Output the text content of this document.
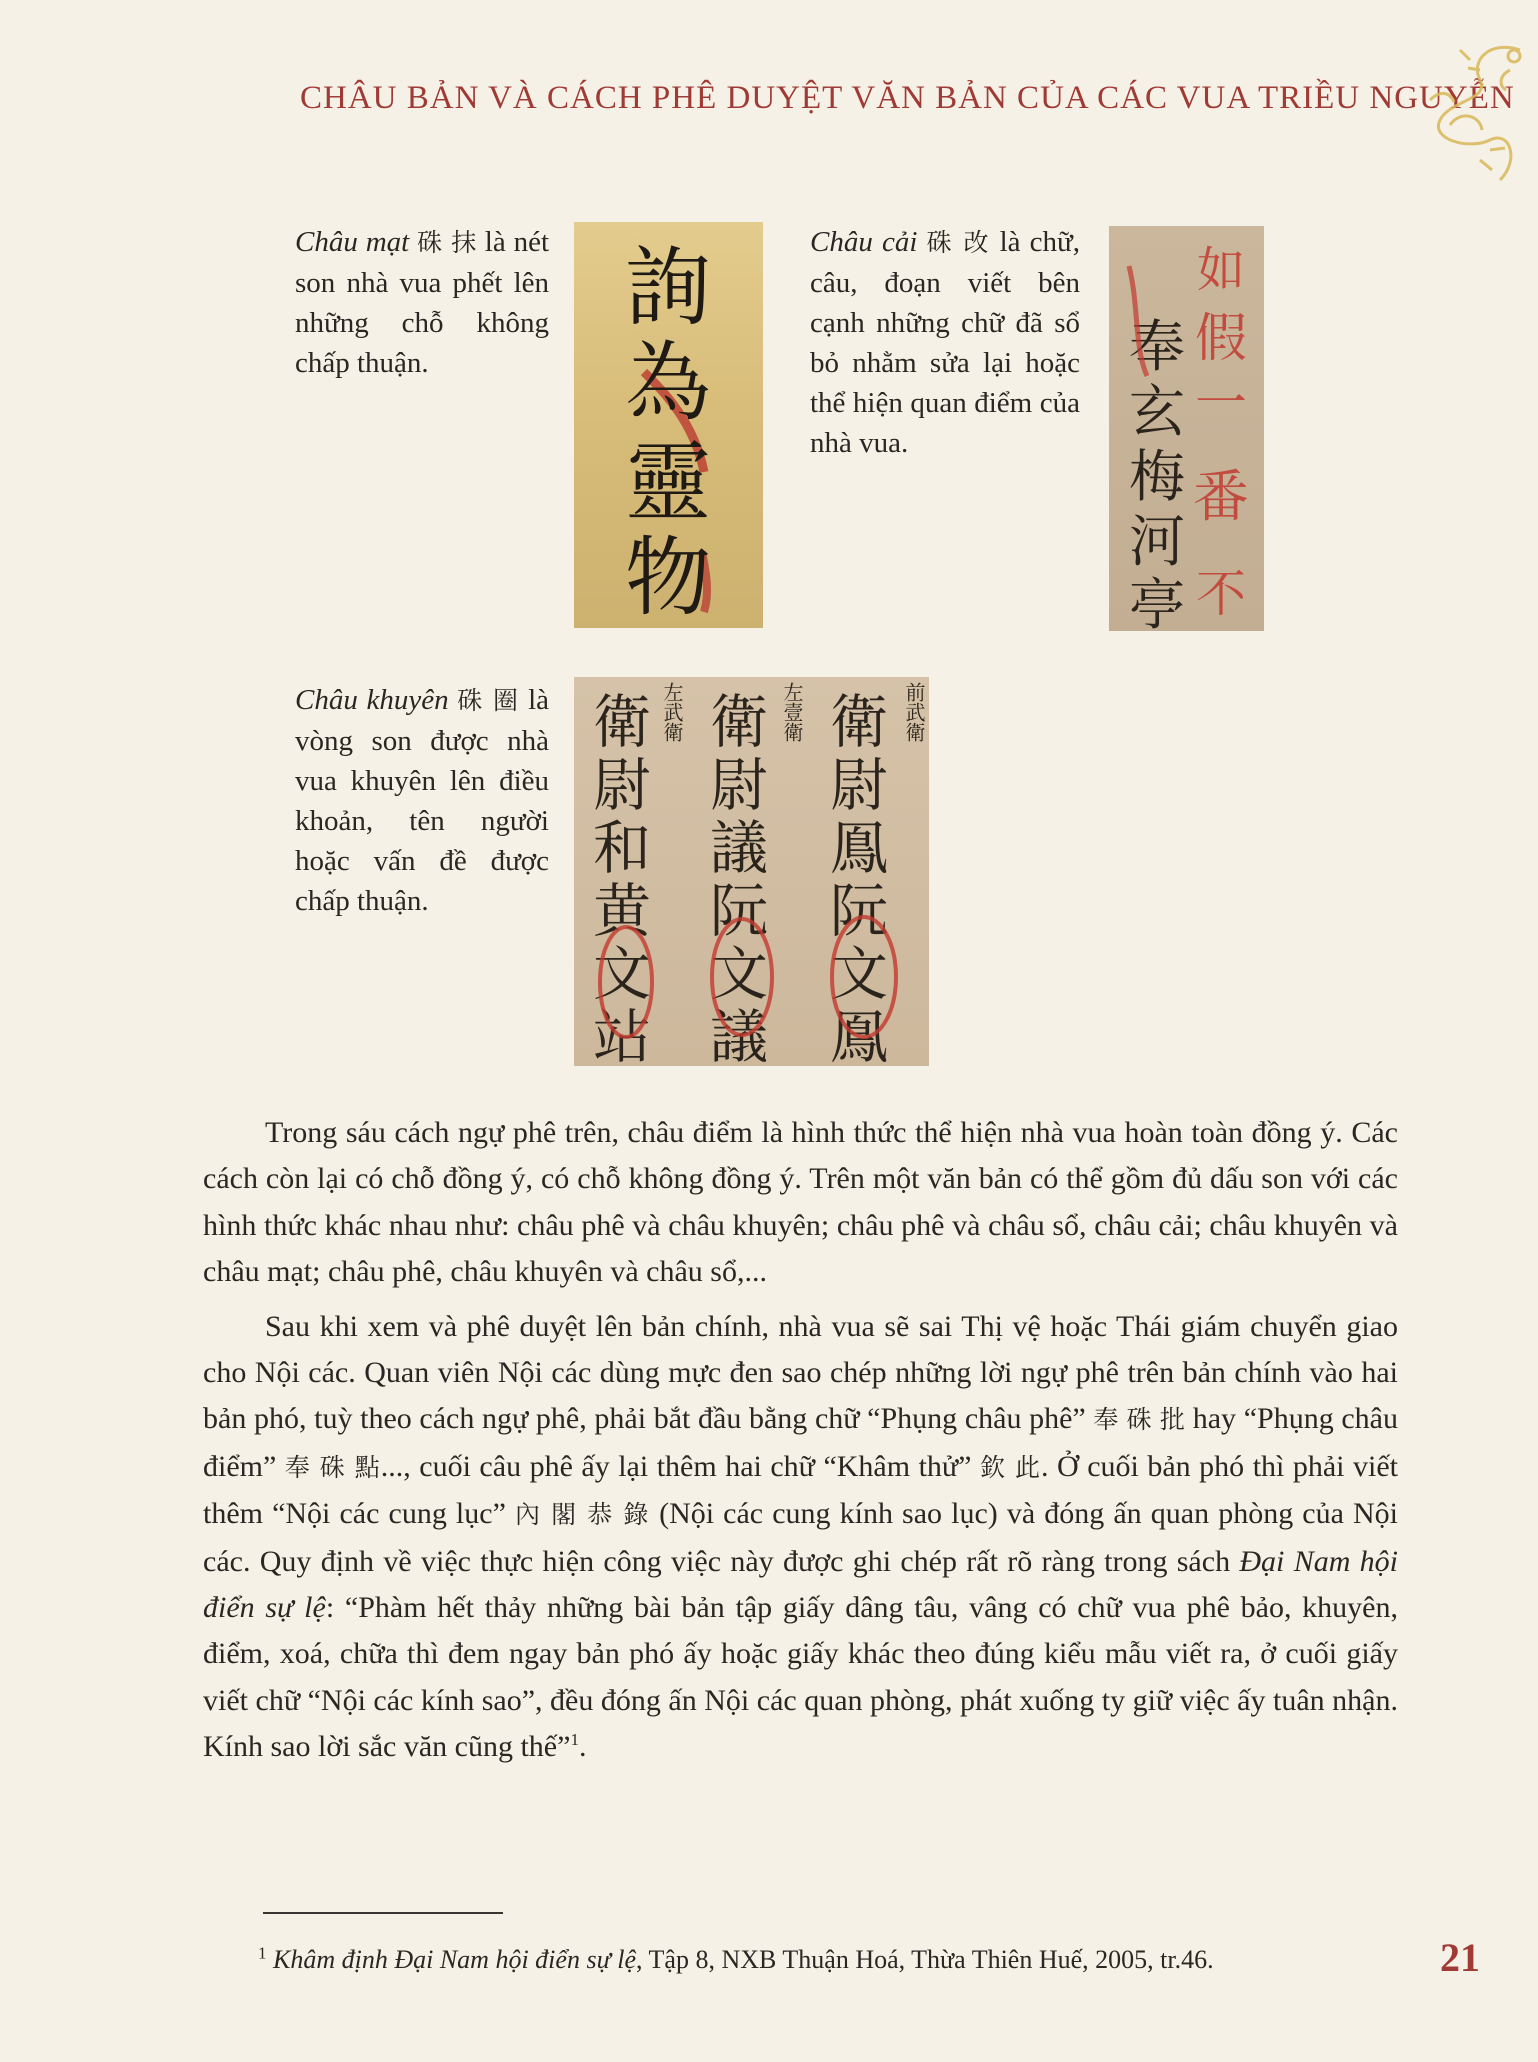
CHÂU BẢN VÀ CÁCH PHÊ DUYỆT VĂN BẢN CỦA CÁC VUA TRIỀU NGUYỄN
Châu mạt 硃 抹 là nét son nhà vua phết lên những chỗ không chấp thuận.
詢
為
靈
物
Châu cải 硃 改 là chữ, câu, đoạn viết bên cạnh những chữ đã sổ bỏ nhằm sửa lại hoặc thể hiện quan điểm của nhà vua.
奉
玄
梅
河
亭
如
假
一
番
不
Châu khuyên 硃 圈 là vòng son được nhà vua khuyên lên điều khoản, tên người hoặc vấn đề được chấp thuận.
前武衛
衛
尉
鳯
阮
文
鳯
左壹衛
衛
尉
議
阮
文
議
左武衛
衛
尉
和
黄
文
站

Trong sáu cách ngự phê trên, châu điểm là hình thức thể hiện nhà vua hoàn toàn đồng ý. Các cách còn lại có chỗ đồng ý, có chỗ không đồng ý. Trên một văn bản có thể gồm đủ dấu son với các hình thức khác nhau như: châu phê và châu khuyên; châu phê và châu sổ, châu cải; châu khuyên và châu mạt; châu phê, châu khuyên và châu sổ,...

Sau khi xem và phê duyệt lên bản chính, nhà vua sẽ sai Thị vệ hoặc Thái giám chuyển giao cho Nội các. Quan viên Nội các dùng mực đen sao chép những lời ngự phê trên bản chính vào hai bản phó, tuỳ theo cách ngự phê, phải bắt đầu bằng chữ “Phụng châu phê” 奉 硃 批 hay “Phụng châu điểm” 奉 硃 點..., cuối câu phê ấy lại thêm hai chữ “Khâm thử” 欽 此. Ở cuối bản phó thì phải viết thêm “Nội các cung lục” 內 閣 恭 錄 (Nội các cung kính sao lục) và đóng ấn quan phòng của Nội các. Quy định về việc thực hiện công việc này được ghi chép rất rõ ràng trong sách Đại Nam hội điển sự lệ: “Phàm hết thảy những bài bản tập giấy dâng tâu, vâng có chữ vua phê bảo, khuyên, điểm, xoá, chữa thì đem ngay bản phó ấy hoặc giấy khác theo đúng kiểu mẫu viết ra, ở cuối giấy viết chữ “Nội các kính sao”, đều đóng ấn Nội các quan phòng, phát xuống ty giữ việc ấy tuân nhận. Kính sao lời sắc văn cũng thế”$^1$.

$^1$ Khâm định Đại Nam hội điển sự lệ, Tập 8, NXB Thuận Hoá, Thừa Thiên Huế, 2005, tr.46.	21
